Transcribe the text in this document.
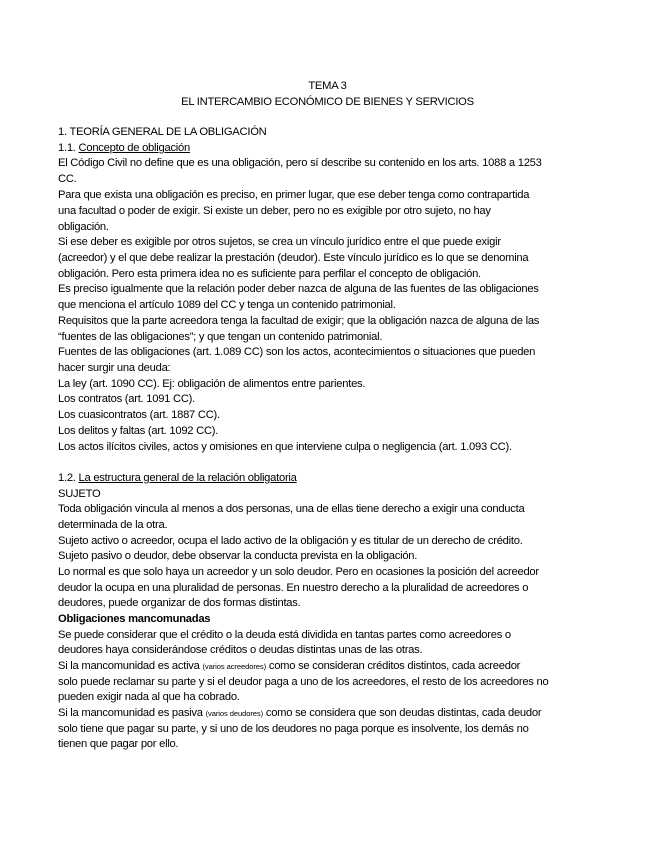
TEMA 3
EL INTERCAMBIO ECONÓMICO DE BIENES Y SERVICIOS
1. TEORÍA GENERAL DE LA OBLIGACIÓN
1.1. Concepto de obligación
El Código Civil no define que es una obligación, pero sí describe su contenido en los arts. 1088 a 1253
CC.
Para que exista una obligación es preciso, en primer lugar, que ese deber tenga como contrapartida
una facultad o poder de exigir. Si existe un deber, pero no es exigible por otro sujeto, no hay
obligación.
Si ese deber es exigible por otros sujetos, se crea un vínculo jurídico entre el que puede exigir
(acreedor) y el que debe realizar la prestación (deudor). Este vínculo jurídico es lo que se denomina
obligación. Pero esta primera idea no es suficiente para perfilar el concepto de obligación.
Es preciso igualmente que la relación poder deber nazca de alguna de las fuentes de las obligaciones
que menciona el artículo 1089 del CC y tenga un contenido patrimonial.
Requisitos que la parte acreedora tenga la facultad de exigir; que la obligación nazca de alguna de las
“fuentes de las obligaciones”; y que tengan un contenido patrimonial.
Fuentes de las obligaciones (art. 1.089 CC) son los actos, acontecimientos o situaciones que pueden
hacer surgir una deuda:
La ley (art. 1090 CC). Ej: obligación de alimentos entre parientes.
Los contratos (art. 1091 CC).
Los cuasicontratos (art. 1887 CC).
Los delitos y faltas (art. 1092 CC).
Los actos ilícitos civiles, actos y omisiones en que interviene culpa o negligencia (art. 1.093 CC).
1.2. La estructura general de la relación obligatoria
SUJETO
Toda obligación vincula al menos a dos personas, una de ellas tiene derecho a exigir una conducta
determinada de la otra.
Sujeto activo o acreedor, ocupa el lado activo de la obligación y es titular de un derecho de crédito.
Sujeto pasivo o deudor, debe observar la conducta prevista en la obligación.
Lo normal es que solo haya un acreedor y un solo deudor. Pero en ocasiones la posición del acreedor
deudor la ocupa en una pluralidad de personas. En nuestro derecho a la pluralidad de acreedores o
deudores, puede organizar de dos formas distintas.
Obligaciones mancomunadas
Se puede considerar que el crédito o la deuda está dividida en tantas partes como acreedores o
deudores haya considerándose créditos o deudas distintas unas de las otras.
Si la mancomunidad es activa (varios acreedores) como se consideran créditos distintos, cada acreedor
solo puede reclamar su parte y si el deudor paga a uno de los acreedores, el resto de los acreedores no
pueden exigir nada al que ha cobrado.
Si la mancomunidad es pasiva (varios deudores) como se considera que son deudas distintas, cada deudor
solo tiene que pagar su parte, y si uno de los deudores no paga porque es insolvente, los demás no
tienen que pagar por ello.
